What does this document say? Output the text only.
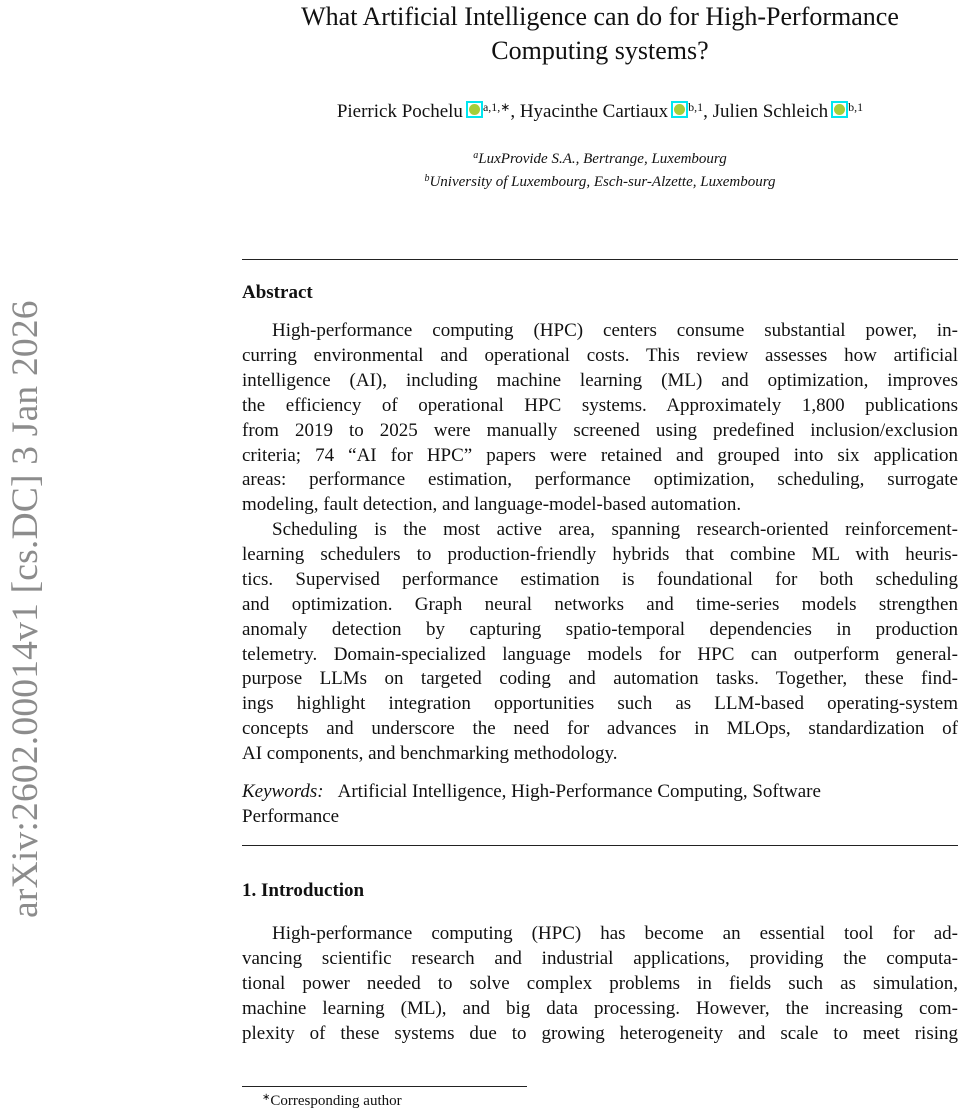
arXiv:2602.00014v1 [cs.DC] 3 Jan 2026
What Artificial Intelligence can do for High-Performance
Computing systems?
Pierrick Pochelu $^{a,1,∗}$, Hyacinthe Cartiaux $^{b,1}$, Julien Schleich $^{b,1}$
$^a$LuxProvide S.A., Bertrange, Luxembourg
$^b$University of Luxembourg, Esch-sur-Alzette, Luxembourg
Abstract
High-performance computing (HPC) centers consume substantial power, in-
curring environmental and operational costs. This review assesses how artificial
intelligence (AI), including machine learning (ML) and optimization, improves
the efficiency of operational HPC systems. Approximately 1,800 publications
from 2019 to 2025 were manually screened using predefined inclusion/exclusion
criteria; 74 “AI for HPC” papers were retained and grouped into six application
areas: performance estimation, performance optimization, scheduling, surrogate
modeling, fault detection, and language-model-based automation.
Scheduling is the most active area, spanning research-oriented reinforcement-
learning schedulers to production-friendly hybrids that combine ML with heuris-
tics. Supervised performance estimation is foundational for both scheduling
and optimization. Graph neural networks and time-series models strengthen
anomaly detection by capturing spatio-temporal dependencies in production
telemetry. Domain-specialized language models for HPC can outperform general-
purpose LLMs on targeted coding and automation tasks. Together, these find-
ings highlight integration opportunities such as LLM-based operating-system
concepts and underscore the need for advances in MLOps, standardization of
AI components, and benchmarking methodology.
Keywords: Artificial Intelligence, High-Performance Computing, Software
Performance
1. Introduction
High-performance computing (HPC) has become an essential tool for ad-
vancing scientific research and industrial applications, providing the computa-
tional power needed to solve complex problems in fields such as simulation,
machine learning (ML), and big data processing. However, the increasing com-
plexity of these systems due to growing heterogeneity and scale to meet rising
∗Corresponding author
